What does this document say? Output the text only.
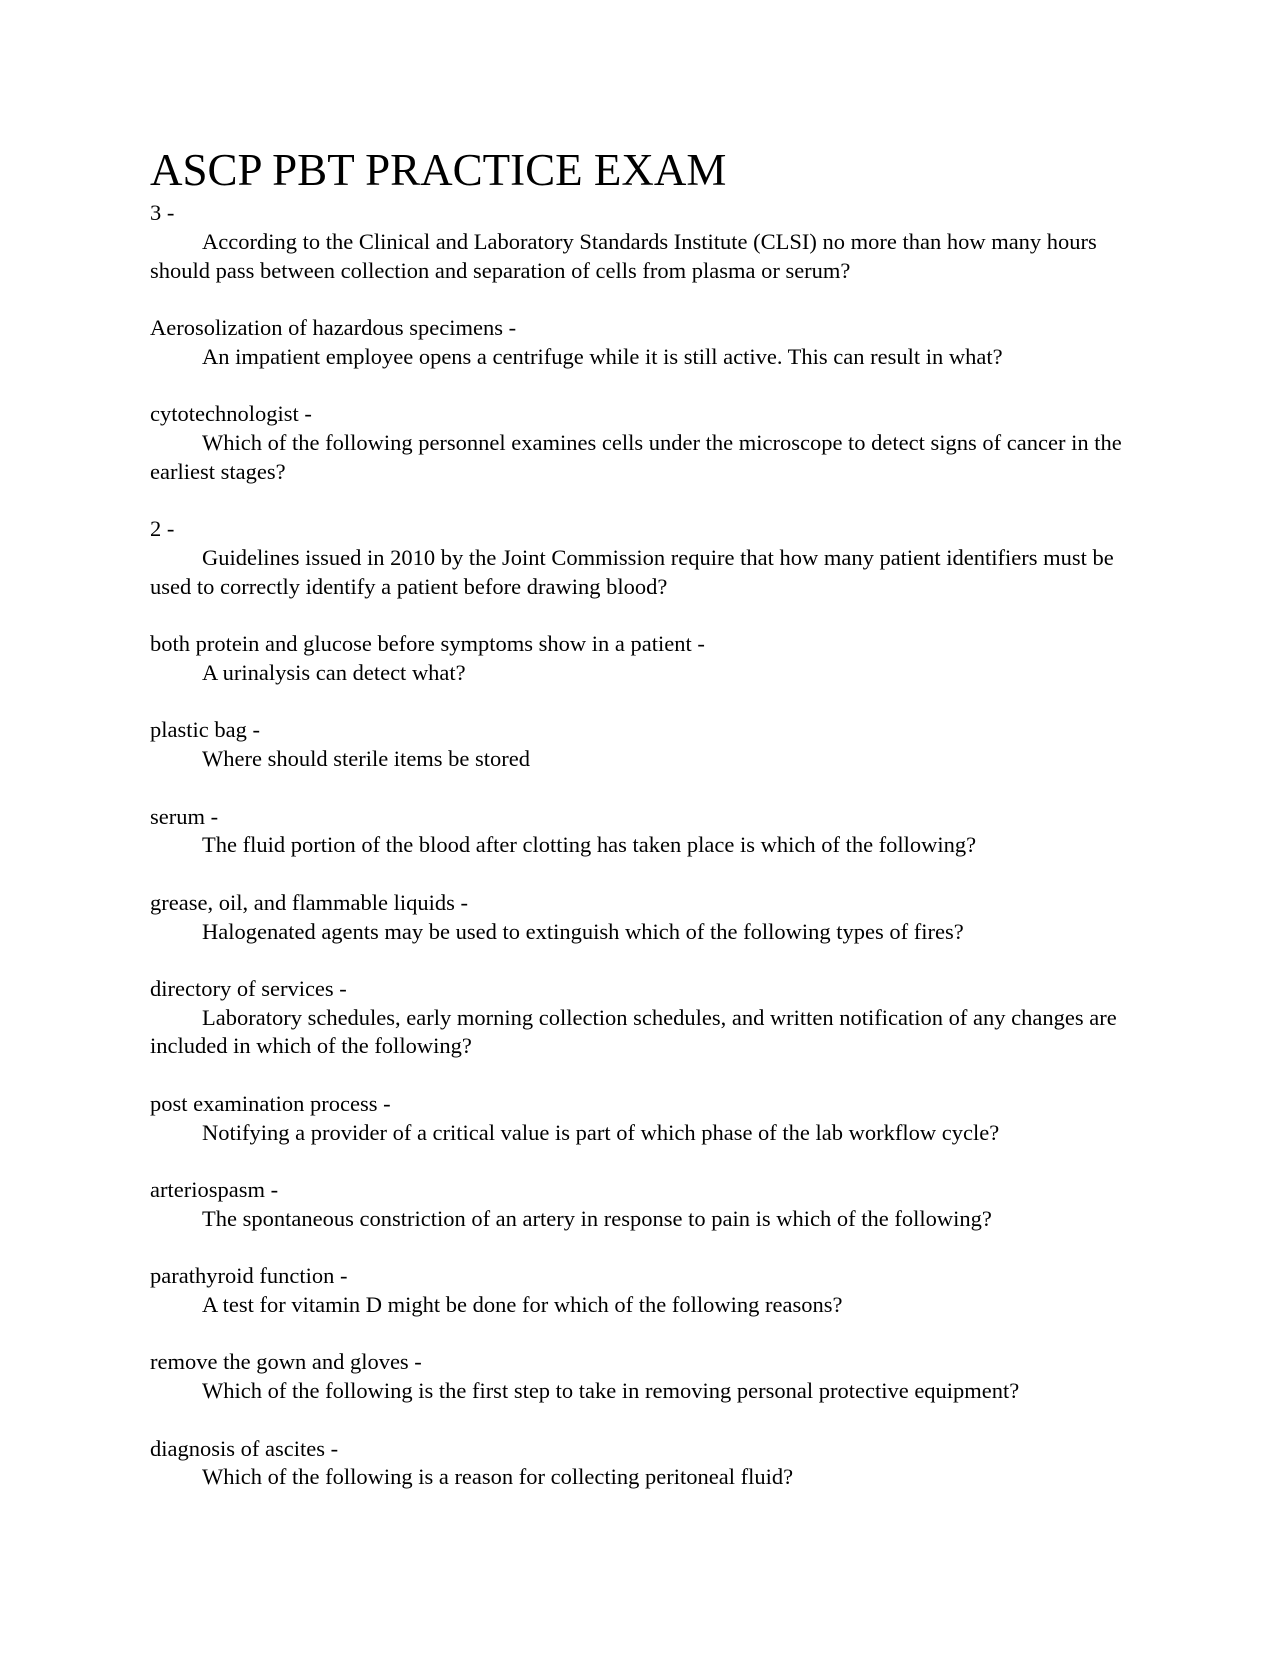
ASCP PBT PRACTICE EXAM
3 -
According to the Clinical and Laboratory Standards Institute (CLSI) no more than how many hours should pass between collection and separation of cells from plasma or serum?
Aerosolization of hazardous specimens -
An impatient employee opens a centrifuge while it is still active. This can result in what?
cytotechnologist -
Which of the following personnel examines cells under the microscope to detect signs of cancer in the earliest stages?
2 -
Guidelines issued in 2010 by the Joint Commission require that how many patient identifiers must be used to correctly identify a patient before drawing blood?
both protein and glucose before symptoms show in a patient -
A urinalysis can detect what?
plastic bag -
Where should sterile items be stored
serum -
The fluid portion of the blood after clotting has taken place is which of the following?
grease, oil, and flammable liquids -
Halogenated agents may be used to extinguish which of the following types of fires?
directory of services -
Laboratory schedules, early morning collection schedules, and written notification of any changes are included in which of the following?
post examination process -
Notifying a provider of a critical value is part of which phase of the lab workflow cycle?
arteriospasm -
The spontaneous constriction of an artery in response to pain is which of the following?
parathyroid function -
A test for vitamin D might be done for which of the following reasons?
remove the gown and gloves -
Which of the following is the first step to take in removing personal protective equipment?
diagnosis of ascites -
Which of the following is a reason for collecting peritoneal fluid?
